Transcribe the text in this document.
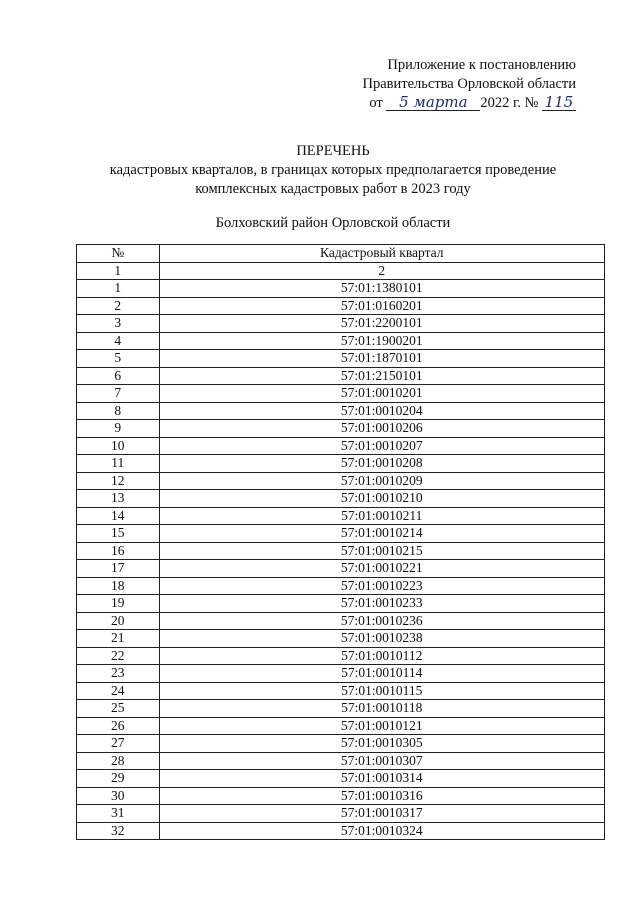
Приложение к постановлению
Правительства Орловской области
от 5 марта 2022 г. № 115
ПЕРЕЧЕНЬ
кадастровых кварталов, в границах которых предполагается проведение
комплексных кадастровых работ в 2023 году
Болховский район Орловской области
№	Кадастровый квартал
1	2
1	57:01:1380101
2	57:01:0160201
3	57:01:2200101
4	57:01:1900201
5	57:01:1870101
6	57:01:2150101
7	57:01:0010201
8	57:01:0010204
9	57:01:0010206
10	57:01:0010207
11	57:01:0010208
12	57:01:0010209
13	57:01:0010210
14	57:01:0010211
15	57:01:0010214
16	57:01:0010215
17	57:01:0010221
18	57:01:0010223
19	57:01:0010233
20	57:01:0010236
21	57:01:0010238
22	57:01:0010112
23	57:01:0010114
24	57:01:0010115
25	57:01:0010118
26	57:01:0010121
27	57:01:0010305
28	57:01:0010307
29	57:01:0010314
30	57:01:0010316
31	57:01:0010317
32	57:01:0010324
